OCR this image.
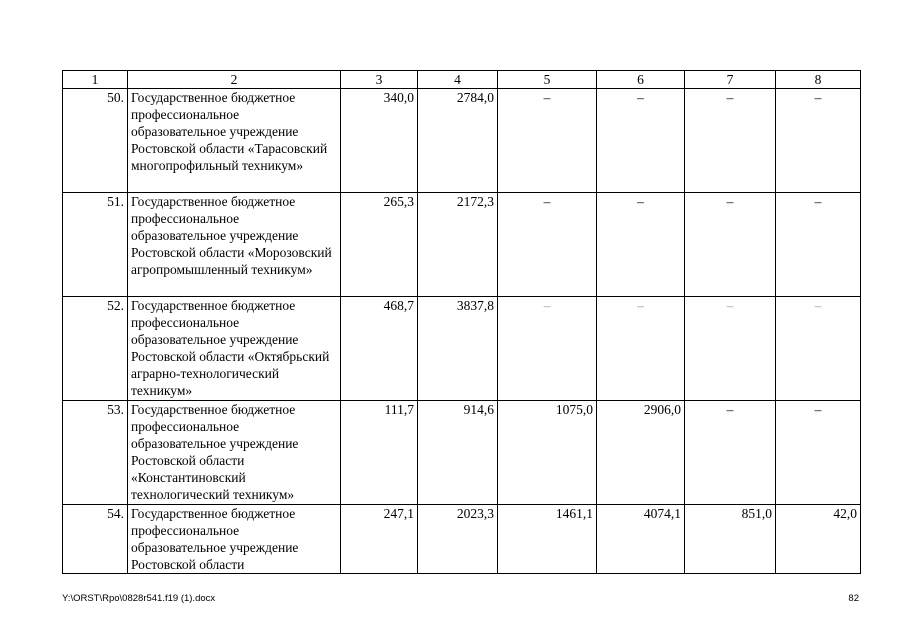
1	2	3	4	5	6	7	8
50.	Государственное бюджетное профессиональное образовательное учреждение Ростовской области «Тарасовский многопрофильный техникум»	340,0	2784,0	–	–	–	–
51.	Государственное бюджетное профессиональное образовательное учреждение Ростовской области «Морозовский агропромышленный техникум»	265,3	2172,3	–	–	–	–
52.	Государственное бюджетное профессиональное образовательное учреждение Ростовской области «Октябрьский аграрно-технологический техникум»	468,7	3837,8	–	–	–	–
53.	Государственное бюджетное профессиональное образовательное учреждение Ростовской области «Константиновский технологический техникум»	111,7	914,6	1075,0	2906,0	–	–
54.	Государственное бюджетное профессиональное образовательное учреждение Ростовской области	247,1	2023,3	1461,1	4074,1	851,0	42,0
Y:\ORST\Rpo\0828r541.f19 (1).docx	82
